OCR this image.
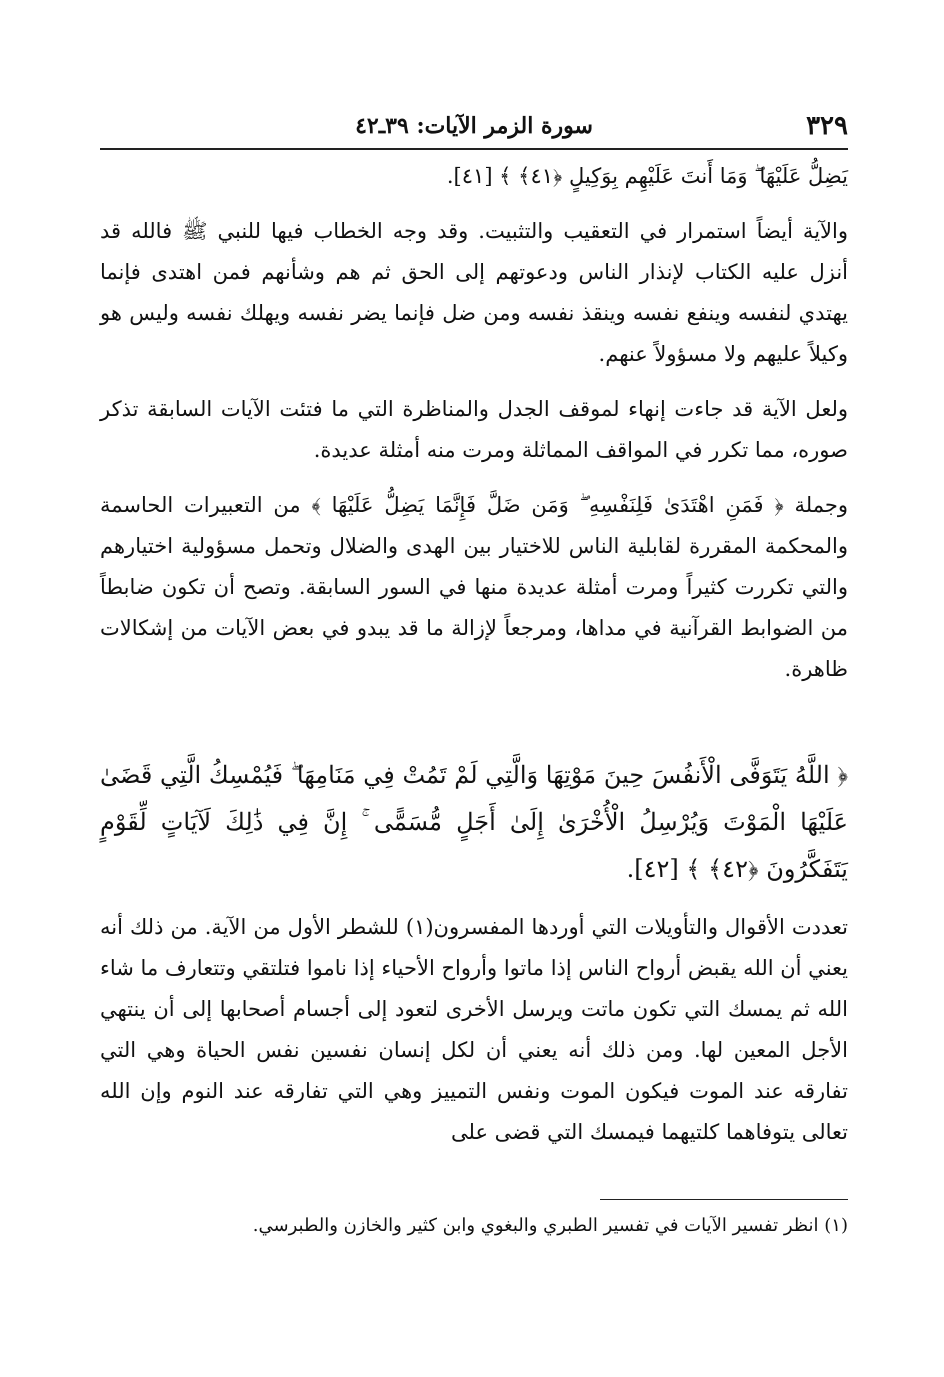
٣٢٩
سورة الزمر الآيات: ٣٩ـ٤٢

يَضِلُّ عَلَيْهَا ۖ وَمَا أَنتَ عَلَيْهِم بِوَكِيلٍ ﴿٤١﴾ ﴾ [٤١].

والآية أيضاً استمرار في التعقيب والتثبيت. وقد وجه الخطاب فيها للنبي ﷺ فالله قد أنزل عليه الكتاب لإنذار الناس ودعوتهم إلى الحق ثم هم وشأنهم فمن اهتدى فإنما يهتدي لنفسه وينفع نفسه وينقذ نفسه ومن ضل فإنما يضر نفسه ويهلك نفسه وليس هو وكيلاً عليهم ولا مسؤولاً عنهم.

ولعل الآية قد جاءت إنهاء لموقف الجدل والمناظرة التي ما فتئت الآيات السابقة تذكر صوره، مما تكرر في المواقف المماثلة ومرت منه أمثلة عديدة.

وجملة ﴿ فَمَنِ اهْتَدَىٰ فَلِنَفْسِهِ ۖ وَمَن ضَلَّ فَإِنَّمَا يَضِلُّ عَلَيْهَا ﴾ من التعبيرات الحاسمة والمحكمة المقررة لقابلية الناس للاختيار بين الهدى والضلال وتحمل مسؤولية اختيارهم والتي تكررت كثيراً ومرت أمثلة عديدة منها في السور السابقة. وتصح أن تكون ضابطاً من الضوابط القرآنية في مداها، ومرجعاً لإزالة ما قد يبدو في بعض الآيات من إشكالات ظاهرة.

﴿ اللَّهُ يَتَوَفَّى الْأَنفُسَ حِينَ مَوْتِهَا وَالَّتِي لَمْ تَمُتْ فِي مَنَامِهَا ۖ فَيُمْسِكُ الَّتِي قَضَىٰ عَلَيْهَا الْمَوْتَ وَيُرْسِلُ الْأُخْرَىٰ إِلَىٰ أَجَلٍ مُّسَمًّى ۚ إِنَّ فِي ذَٰلِكَ لَآيَاتٍ لِّقَوْمٍ يَتَفَكَّرُونَ ﴿٤٢﴾ ﴾ [٤٢].

تعددت الأقوال والتأويلات التي أوردها المفسرون(١) للشطر الأول من الآية. من ذلك أنه يعني أن الله يقبض أرواح الناس إذا ماتوا وأرواح الأحياء إذا ناموا فتلتقي وتتعارف ما شاء الله ثم يمسك التي تكون ماتت ويرسل الأخرى لتعود إلى أجسام أصحابها إلى أن ينتهي الأجل المعين لها. ومن ذلك أنه يعني أن لكل إنسان نفسين نفس الحياة وهي التي تفارقه عند الموت فيكون الموت ونفس التمييز وهي التي تفارقه عند النوم وإن الله تعالى يتوفاهما كلتيهما فيمسك التي قضى على

(١) انظر تفسير الآيات في تفسير الطبري والبغوي وابن كثير والخازن والطبرسي.
